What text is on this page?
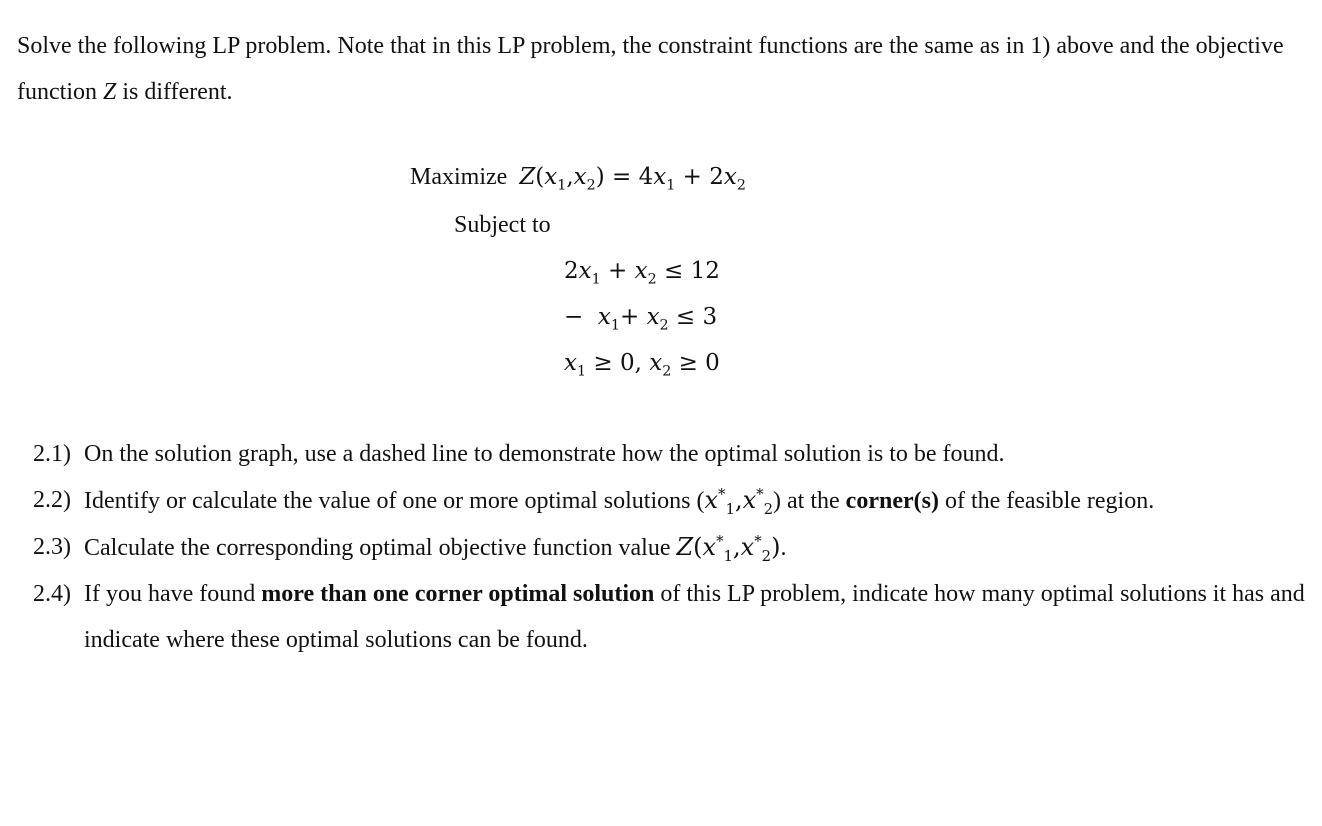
Solve the following LP problem. Note that in this LP problem, the constraint functions are the same as in 1) above and the objective function Z is different.

Maximize $Z(x_1,x_2) = 4x_1 + 2x_2$
Subject to
$2x_1 + x_2 \le 12$
−  $x_1+ x_2 \le 3$
$x_1 \ge 0$, $x_2 \ge 0$
2.1) On the solution graph, use a dashed line to demonstrate how the optimal solution is to be found.
2.2) Identify or calculate the value of one or more optimal solutions $(x^*_1,x^*_2)$ at the corner(s) of the feasible region.
2.3) Calculate the corresponding optimal objective function value $Z(x^*_1,x^*_2)$.
2.4) If you have found more than one corner optimal solution of this LP problem, indicate how many optimal solutions it has and indicate where these optimal solutions can be found.
